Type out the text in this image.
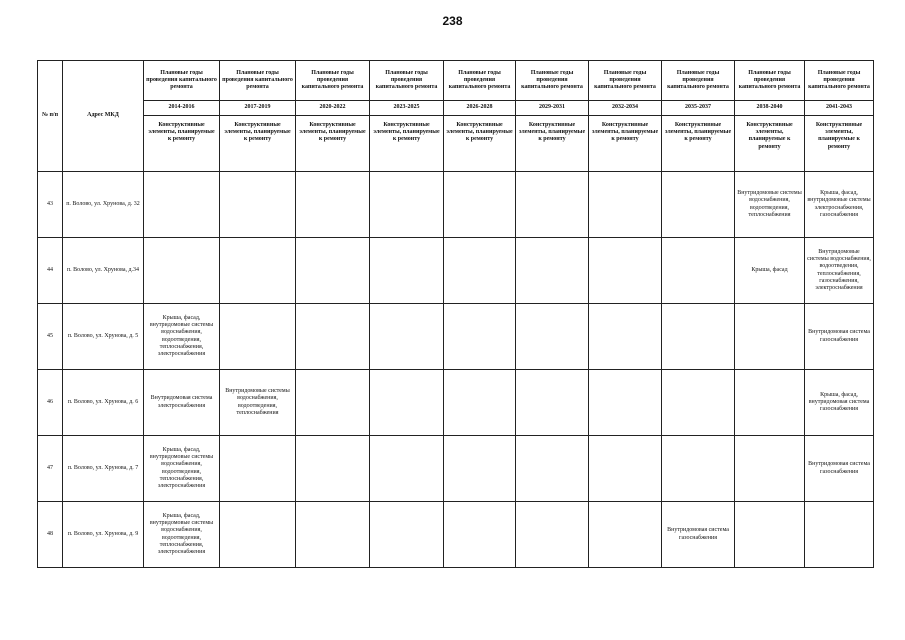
238
№ п/п	Адрес МКД	Плановые годы проведения капитального ремонта	Плановые годы проведения капитального ремонта	Плановые годы проведения капитального ремонта	Плановые годы проведения капитального ремонта	Плановые годы проведения капитального ремонта	Плановые годы проведения капитального ремонта	Плановые годы проведения капитального ремонта	Плановые годы проведения капитального ремонта	Плановые годы проведения капитального ремонта	Плановые годы проведения капитального ремонта
		2014-2016	2017-2019	2020-2022	2023-2025	2026-2028	2029-2031	2032-2034	2035-2037	2038-2040	2041-2043
		Конструктивные элементы, планируемые к ремонту	Конструктивные элементы, планируемые к ремонту	Конструктивные элементы, планируемые к ремонту	Конструктивные элементы, планируемые к ремонту	Конструктивные элементы, планируемые к ремонту	Конструктивные элементы, планируемые к ремонту	Конструктивные элементы, планируемые к ремонту	Конструктивные элементы, планируемые к ремонту	Конструктивные элементы, планируемые к ремонту	Конструктивные элементы, планируемые к ремонту
43	п. Волово, ул. Хрунова, д. 32									Внутридомовые системы водоснабжения, водоотведения, теплоснабжения	Крыша, фасад, внутридомовые системы электроснабжения, газоснабжения
44	п. Волово, ул. Хрунова, д.34									Крыша, фасад	Внутридомовые системы водоснабжения, водоотведения, теплоснабжения, газоснабжения, электроснабжения
45	п. Волово, ул. Хрунова, д. 5	Крыша, фасад, внутридомовые системы водоснабжения, водоотведения, теплоснабжения, электроснабжения									Внутридомовая система газоснабжения
46	п. Волово, ул. Хрунова, д. 6	Внутридомовая система электроснабжения	Внутридомовые системы водоснабжения, водоотведения, теплоснабжения								Крыша, фасад, внутридомовая система газоснабжения
47	п. Волово, ул. Хрунова, д. 7	Крыша, фасад, внутридомовые системы водоснабжения, водоотведения, теплоснабжения, электроснабжения									Внутридомовая система газоснабжения
48	п. Волово, ул. Хрунова, д. 9	Крыша, фасад, внутридомовые системы водоснабжения, водоотведения, теплоснабжения, электроснабжения							Внутридомовая система газоснабжения		
